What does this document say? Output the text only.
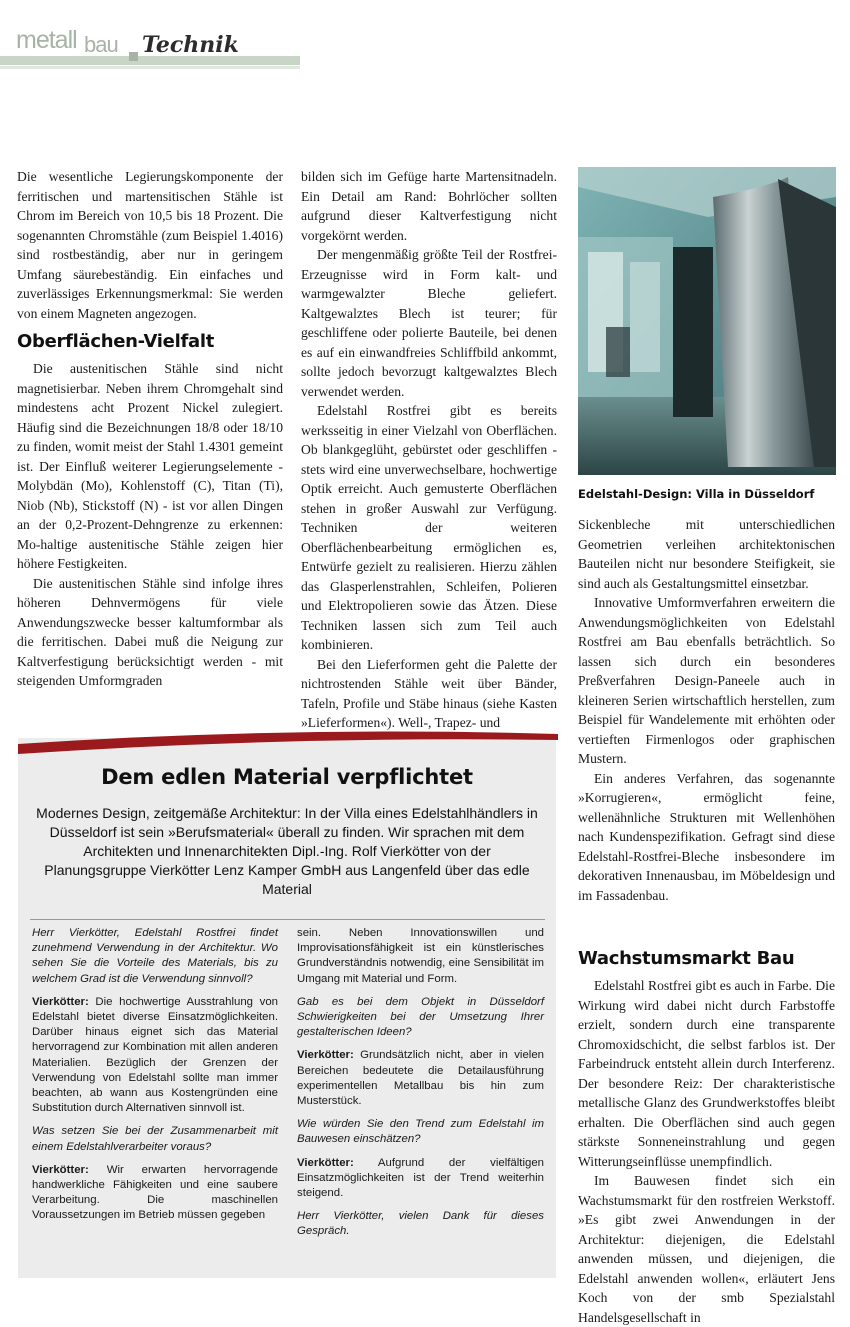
metall bau Technik

Die wesentliche Legierungskomponente der ferritischen und martensitischen Stähle ist Chrom im Bereich von 10,5 bis 18 Prozent. Die sogenannten Chromstähle (zum Beispiel 1.4016) sind rostbeständig, aber nur in geringem Umfang säurebeständig. Ein einfaches und zuverlässiges Erkennungsmerkmal: Sie werden von einem Magneten angezogen.

Oberflächen-Vielfalt

Die austenitischen Stähle sind nicht magnetisierbar. Neben ihrem Chromgehalt sind mindestens acht Prozent Nickel zulegiert. Häufig sind die Bezeichnungen 18/8 oder 18/10 zu finden, womit meist der Stahl 1.4301 gemeint ist. Der Einfluß weiterer Legierungselemente - Molybdän (Mo), Kohlenstoff (C), Titan (Ti), Niob (Nb), Stickstoff (N) - ist vor allen Dingen an der 0,2-Prozent-Dehngrenze zu erkennen: Mo-haltige austenitische Stähle zeigen hier höhere Festigkeiten.

Die austenitischen Stähle sind infolge ihres höheren Dehnvermögens für viele Anwendungszwecke besser kaltumformbar als die ferritischen. Dabei muß die Neigung zur Kaltverfestigung berücksichtigt werden - mit steigenden Umformgraden

bilden sich im Gefüge harte Martensitnadeln. Ein Detail am Rand: Bohrlöcher sollten aufgrund dieser Kaltverfestigung nicht vorgekörnt werden.

Der mengenmäßig größte Teil der Rostfrei-Erzeugnisse wird in Form kalt- und warmgewalzter Bleche geliefert. Kaltgewalztes Blech ist teurer; für geschliffene oder polierte Bauteile, bei denen es auf ein einwandfreies Schliffbild ankommt, sollte jedoch bevorzugt kaltgewalztes Blech verwendet werden.

Edelstahl Rostfrei gibt es bereits werksseitig in einer Vielzahl von Oberflächen. Ob blankgeglüht, gebürstet oder geschliffen - stets wird eine unverwechselbare, hochwertige Optik erreicht. Auch gemusterte Oberflächen stehen in großer Auswahl zur Verfügung. Techniken der weiteren Oberflächenbearbeitung ermöglichen es, Entwürfe gezielt zu realisieren. Hierzu zählen das Glasperlenstrahlen, Schleifen, Polieren und Elektropolieren sowie das Ätzen. Diese Techniken lassen sich zum Teil auch kombinieren.

Bei den Lieferformen geht die Palette der nichtrostenden Stähle weit über Bänder, Tafeln, Profile und Stäbe hinaus (siehe Kasten »Lieferformen«). Well-, Trapez- und

Edelstahl-Design: Villa in Düsseldorf

Sickenbleche mit unterschiedlichen Geometrien verleihen architektonischen Bauteilen nicht nur besondere Steifigkeit, sie sind auch als Gestaltungsmittel einsetzbar.

Innovative Umformverfahren erweitern die Anwendungsmöglichkeiten von Edelstahl Rostfrei am Bau ebenfalls beträchtlich. So lassen sich durch ein besonderes Preßverfahren Design-Paneele auch in kleineren Serien wirtschaftlich herstellen, zum Beispiel für Wandelemente mit erhöhten oder vertieften Firmenlogos oder graphischen Mustern.

Ein anderes Verfahren, das sogenannte »Korrugieren«, ermöglicht feine, wellenähnliche Strukturen mit Wellenhöhen nach Kundenspezifikation. Gefragt sind diese Edelstahl-Rostfrei-Bleche insbesondere im dekorativen Innenausbau, im Möbeldesign und im Fassadenbau.

Wachstumsmarkt Bau

Edelstahl Rostfrei gibt es auch in Farbe. Die Wirkung wird dabei nicht durch Farbstoffe erzielt, sondern durch eine transparente Chromoxidschicht, die selbst farblos ist. Der Farbeindruck entsteht allein durch Interferenz. Der besondere Reiz: Der charakteristische metallische Glanz des Grundwerkstoffes bleibt erhalten. Die Oberflächen sind auch gegen stärkste Sonneneinstrahlung und gegen Witterungseinflüsse unempfindlich.

Im Bauwesen findet sich ein Wachstumsmarkt für den rostfreien Werkstoff. »Es gibt zwei Anwendungen in der Architektur: diejenigen, die Edelstahl anwenden müssen, und diejenigen, die Edelstahl anwenden wollen«, erläutert Jens Koch von der smb Spezialstahl Handelsgesellschaft in

Dem edlen Material verpflichtet

Modernes Design, zeitgemäße Architektur: In der Villa eines Edelstahlhändlers in Düsseldorf ist sein »Berufsmaterial« überall zu finden. Wir sprachen mit dem Architekten und Innenarchitekten Dipl.-Ing. Rolf Vierkötter von der Planungsgruppe Vierkötter Lenz Kamper GmbH aus Langenfeld über das edle Material

Herr Vierkötter, Edelstahl Rostfrei findet zunehmend Verwendung in der Architektur. Wo sehen Sie die Vorteile des Materials, bis zu welchem Grad ist die Verwendung sinnvoll?

Vierkötter: Die hochwertige Ausstrahlung von Edelstahl bietet diverse Einsatzmöglichkeiten. Darüber hinaus eignet sich das Material hervorragend zur Kombination mit allen anderen Materialien. Bezüglich der Grenzen der Verwendung von Edelstahl sollte man immer beachten, ab wann aus Kostengründen eine Substitution durch Alternativen sinnvoll ist.

Was setzen Sie bei der Zusammenarbeit mit einem Edelstahlverarbeiter voraus?

Vierkötter: Wir erwarten hervorragende handwerkliche Fähigkeiten und eine saubere Verarbeitung. Die maschinellen Voraussetzungen im Betrieb müssen gegeben

sein. Neben Innovationswillen und Improvisationsfähigkeit ist ein künstlerisches Grundverständnis notwendig, eine Sensibilität im Umgang mit Material und Form.

Gab es bei dem Objekt in Düsseldorf Schwierigkeiten bei der Umsetzung Ihrer gestalterischen Ideen?

Vierkötter: Grundsätzlich nicht, aber in vielen Bereichen bedeutete die Detailausführung experimentellen Metallbau bis hin zum Musterstück.

Wie würden Sie den Trend zum Edelstahl im Bauwesen einschätzen?

Vierkötter: Aufgrund der vielfältigen Einsatzmöglichkeiten ist der Trend weiterhin steigend.

Herr Vierkötter, vielen Dank für dieses Gespräch.
